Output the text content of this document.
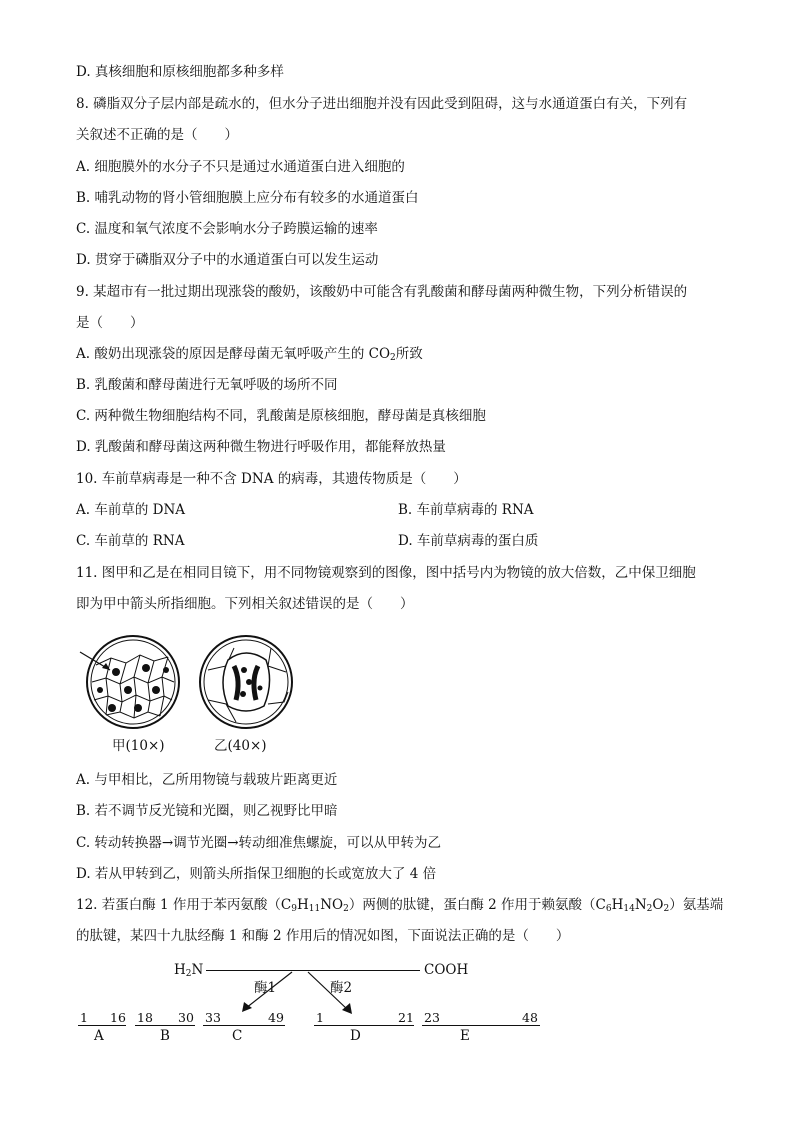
D. 真核细胞和原核细胞都多种多样
8. 磷脂双分子层内部是疏水的，但水分子进出细胞并没有因此受到阻碍，这与水通道蛋白有关，下列有
关叙述不正确的是（　　）
A. 细胞膜外的水分子不只是通过水通道蛋白进入细胞的
B. 哺乳动物的肾小管细胞膜上应分布有较多的水通道蛋白
C. 温度和氧气浓度不会影响水分子跨膜运输的速率
D. 贯穿于磷脂双分子中的水通道蛋白可以发生运动
9. 某超市有一批过期出现涨袋的酸奶，该酸奶中可能含有乳酸菌和酵母菌两种微生物，下列分析错误的
是（　　）
A. 酸奶出现涨袋的原因是酵母菌无氧呼吸产生的 $CO_2$所致
B. 乳酸菌和酵母菌进行无氧呼吸的场所不同
C. 两种微生物细胞结构不同，乳酸菌是原核细胞，酵母菌是真核细胞
D. 乳酸菌和酵母菌这两种微生物进行呼吸作用，都能释放热量
10. 车前草病毒是一种不含 DNA 的病毒，其遗传物质是（　　）
A. 车前草的 DNA	B. 车前草病毒的 RNA
C. 车前草的 RNA	D. 车前草病毒的蛋白质
11. 图甲和乙是在相同目镜下，用不同物镜观察到的图像，图中括号内为物镜的放大倍数，乙中保卫细胞
即为甲中箭头所指细胞。下列相关叙述错误的是（　　）
甲(10×)	乙(40×)
A. 与甲相比，乙所用物镜与载玻片距离更近
B. 若不调节反光镜和光圈，则乙视野比甲暗
C. 转动转换器→调节光圈→转动细准焦螺旋，可以从甲转为乙
D. 若从甲转到乙，则箭头所指保卫细胞的长或宽放大了 4 倍
12. 若蛋白酶 1 作用于苯丙氨酸$(C_9H_{11}NO_2)$两侧的肽键，蛋白酶 2 作用于赖氨酸$(C_6H_{14}N_2O_2)$氨基端
的肽键，某四十九肽经酶 1 和酶 2 作用后的情况如图，下面说法正确的是（　　）
$H_2N$	COOH
酶1	酶2
1 16
A
18 30
B
33	49
C
1	21
D
23	48
E
